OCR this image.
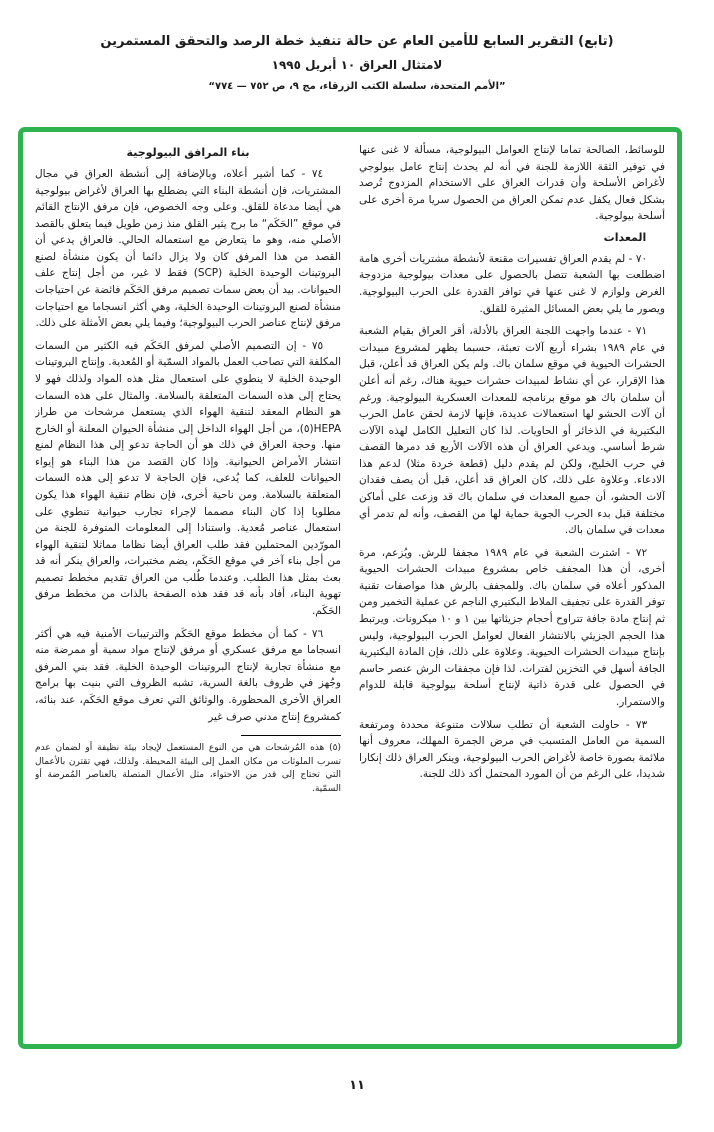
(تابع) التقرير السابع للأمين العام عن حالة تنفيذ خطة الرصد والتحقق المستمرين
لامتثال العراق ١٠ أبريل ١٩٩٥
”الأمم المتحدة، سلسلة الكتب الزرقاء، مج ٩، ص ٧٥٢ — ٧٧٤“

للوسائط، الصالحة تماما لإنتاج العوامل البيولوجية، مسألة لا غنى عنها في توفير الثقة اللازمة للجنة في أنه لم يحدث إنتاج عامل بيولوجي لأغراض الأسلحة وأن قدرات العراق على الاستخدام المزدوج تُرصد بشكل فعال يكفل عدم تمكن العراق من الحصول سريا مرة أخرى على أسلحة بيولوجية.

المعدات

٧٠ - لم يقدم العراق تفسيرات مقنعة لأنشطة مشتريات أخرى هامة اضطلعت بها الشعبة تتصل بالحصول على معدات بيولوجية مزدوجة الغرض ولوازم لا غنى عنها في توافر القدرة على الحرب البيولوجية. ويصور ما يلي بعض المسائل المثيرة للقلق.

٧١ - عندما واجهت اللجنة العراق بالأدلة، أقر العراق بقيام الشعبة في عام ١٩٨٩ بشراء أربع آلات تعبئة، حسبما يظهر لمشروع مبيدات الحشرات الحيوية في موقع سلمان باك. ولم يكن العراق قد أعلن، قبل هذا الإقرار، عن أي نشاط لمبيدات حشرات حيوية هناك، رغم أنه أعلن أن سلمان باك هو موقع برنامجه للمعدات العسكرية البيولوجية. ورغم أن آلات الحشو لها استعمالات عديدة، فإنها لازمة لحقن عامل الحرب البكتيرية في الذخائر أو الحاويات. لذا كان التعليل الكامل لهذه الآلات شرط أساسي. ويدعي العراق أن هذه الآلات الأربع قد دمرها القصف في حرب الخليج، ولكن لم يقدم دليل (قطعة خردة مثلا) لدعم هذا الادعاء. وعلاوة على ذلك، كان العراق قد أعلن، قبل أن يصف فقدان آلات الحشو، أن جميع المعدات في سلمان باك قد وزعت على أماكن مختلفة قبل بدء الحرب الجوية حماية لها من القصف، وأنه لم تدمر أي معدات في سلمان باك.

٧٢ - اشترت الشعبة في عام ١٩٨٩ مجففا للرش. ويُزعم، مرة أخرى، أن هذا المجفف خاص بمشروع مبيدات الحشرات الحيوية المذكور أعلاه في سلمان باك. وللمجفف بالرش هذا مواصفات تقنية توفر القدرة على تجفيف الملاط البكتيري الناجم عن عملية التخمير ومن ثم إنتاج مادة جافة تتراوح أحجام جزيئاتها بين ١ و ١٠ ميكرونات. ويرتبط هذا الحجم الجزيئي بالانتشار الفعال لعوامل الحرب البيولوجية، وليس بإنتاج مبيدات الحشرات الحيوية. وعلاوة على ذلك، فإن المادة البكتيرية الجافة أسهل في التخزين لفترات. لذا فإن مجففات الرش عنصر حاسم في الحصول على قدرة ذاتية لإنتاج أسلحة بيولوجية قابلة للدوام والاستمرار.

٧٣ - حاولت الشعبة أن تطلب سلالات متنوعة محددة ومرتفعة السمية من العامل المتسبب في مرض الجمرة المهلك، معروف أنها ملائمة بصورة خاصة لأغراض الحرب البيولوجية، وينكر العراق ذلك إنكارا شديدا، على الرغم من أن المورد المحتمل أكد ذلك للجنة.

بناء المرافق البيولوجية

٧٤ - كما أشير أعلاه، وبالإضافة إلى أنشطة العراق في مجال المشتريات، فإن أنشطة البناء التي يضطلع بها العراق لأغراض بيولوجية هي أيضا مدعاة للقلق. وعلى وجه الخصوص، فإن مرفق الإنتاج القائم في موقع ”الحَكَم“ ما برح يثير القلق منذ زمن طويل فيما يتعلق بالقصد الأصلي منه، وهو ما يتعارض مع استعماله الحالي. فالعراق يدعي أن القصد من هذا المرفق كان ولا يزال دائما أن يكون منشأة لصنع البروتينات الوحيدة الخلية (SCP) فقط لا غير، من أجل إنتاج علف الحيوانات. بيد أن بعض سمات تصميم مرفق الحَكَم فائضة عن احتياجات منشأة لصنع البروتينات الوحيدة الخلية، وهي أكثر انسجاما مع احتياجات مرفق لإنتاج عناصر الحرب البيولوجية؛ وفيما يلي بعض الأمثلة على ذلك.

٧٥ - إن التصميم الأصلي لمرفق الحَكَم فيه الكثير من السمات المكلفة التي تصاحب العمل بالمواد السمّية أو المُعدية. وإنتاج البروتينات الوحيدة الخلية لا ينطوي على استعمال مثل هذه المواد ولذلك فهو لا يحتاج إلى هذه السمات المتعلقة بالسلامة. والمثال على هذه السمات هو النظام المعقد لتنقية الهواء الذي يستعمل مرشحات من طراز HEPA(٥)، من أجل الهواء الداخل إلى منشأة الحيوان المعلنة أو الخارج منها. وحجة العراق في ذلك هو أن الحاجة تدعو إلى هذا النظام لمنع انتشار الأمراض الحيوانية. وإذا كان القصد من هذا البناء هو إيواء الحيوانات للعلف، كما يُدعى، فإن الحاجة لا تدعو إلى هذه السمات المتعلقة بالسلامة. ومن ناحية أخرى، فإن نظام تنقية الهواء هذا يكون مطلوبا إذا كان البناء مصمما لإجراء تجارب حيوانية تنطوي على استعمال عناصر مُعدية. واستنادا إلى المعلومات المتوفرة للجنة من المورّدين المحتملين فقد طلب العراق أيضا نظاما مماثلا لتنقية الهواء من أجل بناء آخر في موقع الحَكَم، يضم مختبرات، والعراق ينكر أنه قد بعث بمثل هذا الطلب. وعندما طُلب من العراق تقديم مخطط تصميم تهوية البناء، أفاد بأنه قد فقد هذه الصفحة بالذات من مخطط مرفق الحَكَم.

٧٦ - كما أن مخطط موقع الحَكَم والترتيبات الأمنية فيه هي أكثر انسجاما مع مرفق عسكري أو مرفق لإنتاج مواد سمية أو ممرضة منه مع منشأة تجارية لإنتاج البروتينات الوحيدة الخلية. فقد بني المرفق وجُهز في ظروف بالغة السرية، تشبه الظروف التي بنيت بها برامج العراق الأخرى المحظورة. والوثائق التي تعرف موقع الحَكَم، عند بنائه، كمشروع إنتاج مدني صرف غير

(٥) هذه المُرشحات هي من النوع المستعمل لإيجاد بيئة نظيفة أو لضمان عدم تسرب الملوثات من مكان العمل إلى البيئة المحيطة. ولذلك، فهي تقترن بالأعمال التي تحتاج إلى قدر من الاحتواء، مثل الأعمال المتصلة بالعناصر المُمرضة أو السمّية.

١١
